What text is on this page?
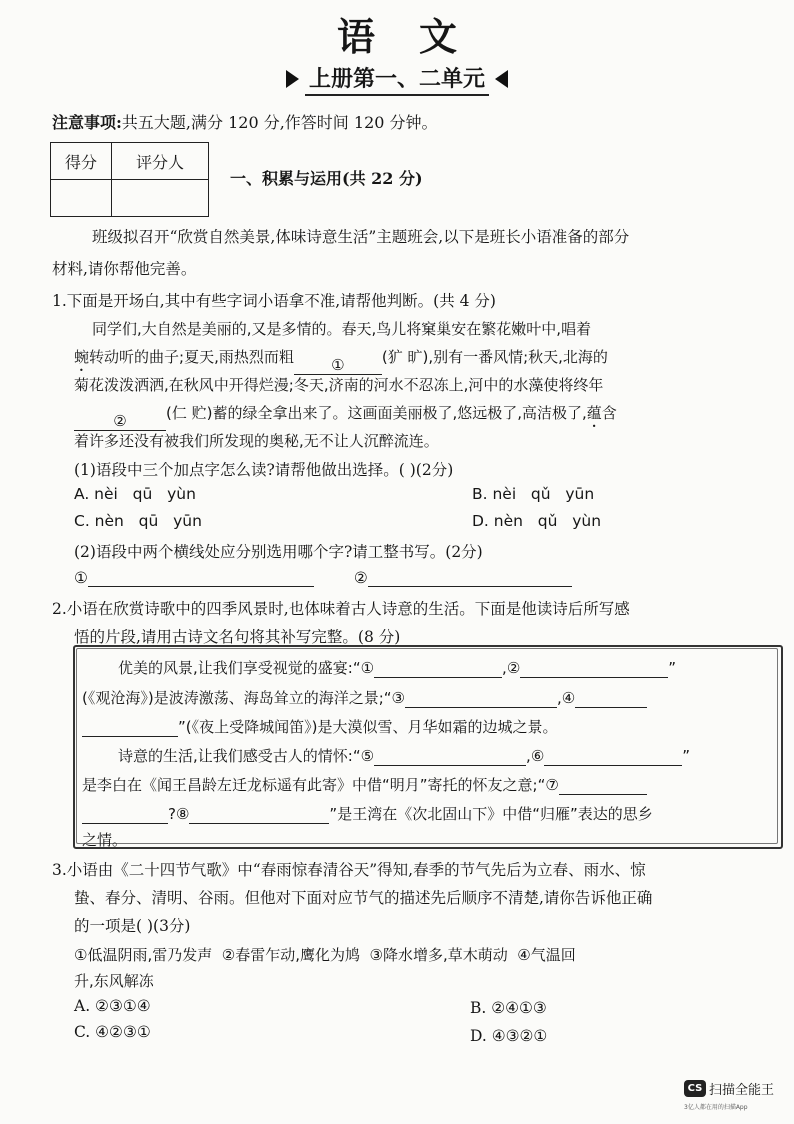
语文
上册第一、二单元
注意事项:共五大题,满分 120 分,作答时间 120 分钟。
得分	评分人

一、积累与运用(共 22 分)
班级拟召开“欣赏自然美景,体味诗意生活”主题班会,以下是班长小语准备的部分
材料,请你帮他完善。
1.下面是开场白,其中有些字词小语拿不准,请帮他判断。(共 4 分)
同学们,大自然是美丽的,又是多情的。春天,鸟儿将窠巢安在繁花嫩叶中,唱着
蜿转动听的曲子;夏天,雨热烈而粗 ① (犷 旷),别有一番风情;秋天,北海的
菊花泼泼洒洒,在秋风中开得烂漫;冬天,济南的河水不忍冻上,河中的水藻使将终年
②	(仁 贮)蓄的绿全拿出来了。这画面美丽极了,悠远极了,高洁极了,蕴含
着许多还没有被我们所发现的奥秘,无不让人沉醉流连。
(1)语段中三个加点字怎么读?请帮他做出选择。( )(2分)
A. nèi   qū   yùn	B. nèi   qǔ   yūn
C. nèn   qū   yūn	D. nèn   qǔ   yùn
(2)语段中两个横线处应分别选用哪个字?请工整书写。(2分)
①	②
2.小语在欣赏诗歌中的四季风景时,也体味着古人诗意的生活。下面是他读诗后所写感
悟的片段,请用古诗文名句将其补写完整。(8 分)
优美的风景,让我们享受视觉的盛宴:“①	,②	”
(《观沧海》)是波涛激荡、海岛耸立的海洋之景;“③	,④
”(《夜上受降城闻笛》)是大漠似雪、月华如霜的边城之景。
诗意的生活,让我们感受古人的情怀:“⑤	,⑥	”
是李白在《闻王昌龄左迁龙标遥有此寄》中借“明月”寄托的怀友之意;“⑦
?⑧	”是王湾在《次北固山下》中借“归雁”表达的思乡
之情。
3.小语由《二十四节气歌》中“春雨惊春清谷天”得知,春季的节气先后为立春、雨水、惊
蛰、春分、清明、谷雨。但他对下面对应节气的描述先后顺序不清楚,请你告诉他正确
的一项是( )(3分)
①低温阴雨,雷乃发声  ②春雷乍动,鹰化为鸠  ③降水增多,草木萌动  ④气温回
升,东风解冻
A. ②③①④	B. ②④①③
C. ④②③①	D. ④③②①
CS 扫描全能王
3亿人都在用的扫描App
